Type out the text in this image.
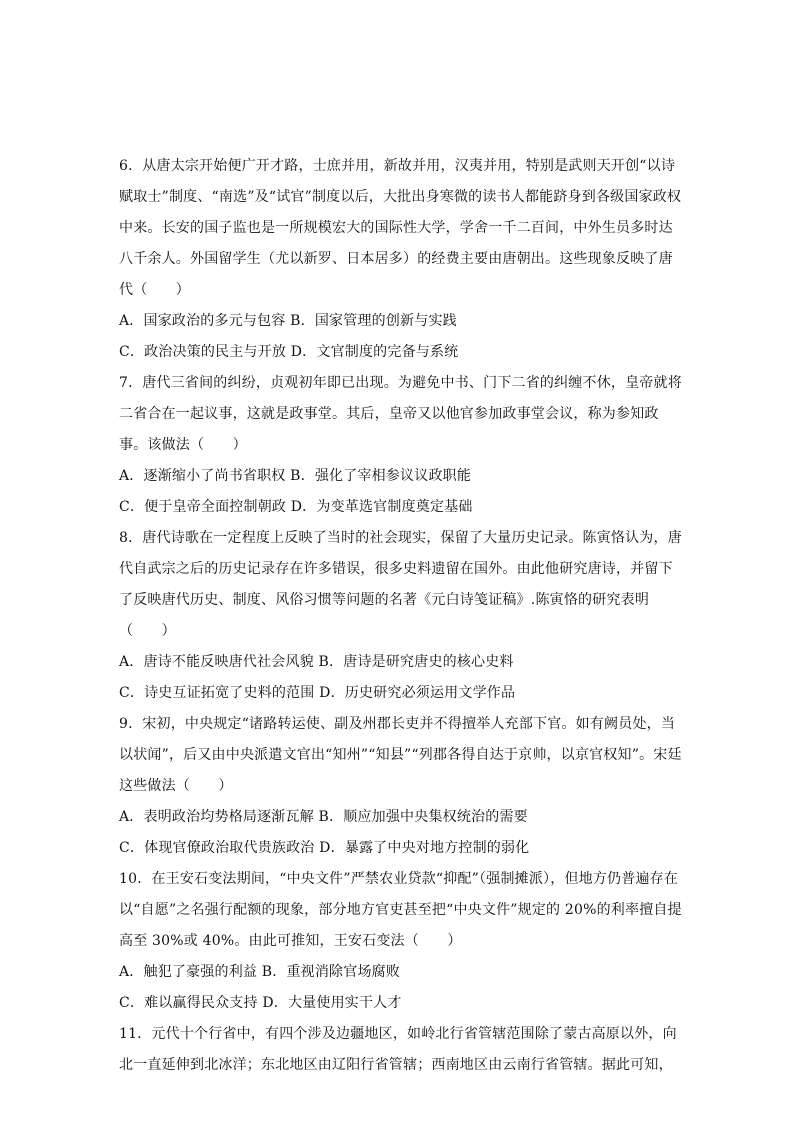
6．从唐太宗开始便广开才路，士庶并用，新故并用，汉夷并用，特别是武则天开创“以诗
赋取士”制度、“南选”及“试官”制度以后，大批出身寒微的读书人都能跻身到各级国家政权
中来。长安的国子监也是一所规模宏大的国际性大学，学舍一千二百间，中外生员多时达
八千余人。外国留学生（尤以新罗、日本居多）的经费主要由唐朝出。这些现象反映了唐
代（　　）
A．国家政治的多元与包容 B．国家管理的创新与实践
C．政治决策的民主与开放 D．文官制度的完备与系统
7．唐代三省间的纠纷，贞观初年即已出现。为避免中书、门下二省的纠缠不休，皇帝就将
二省合在一起议事，这就是政事堂。其后，皇帝又以他官参加政事堂会议，称为参知政
事。该做法（　　）
A．逐渐缩小了尚书省职权 B．强化了宰相参议议政职能
C．便于皇帝全面控制朝政 D．为变革选官制度奠定基础
8．唐代诗歌在一定程度上反映了当时的社会现实，保留了大量历史记录。陈寅恪认为，唐
代自武宗之后的历史记录存在许多错误，很多史料遗留在国外。由此他研究唐诗，并留下
了反映唐代历史、制度、风俗习惯等问题的名著《元白诗笺证稿》.陈寅恪的研究表明
（　　）
A．唐诗不能反映唐代社会风貌 B．唐诗是研究唐史的核心史料
C．诗史互证拓宽了史料的范围 D．历史研究必须运用文学作品
9．宋初，中央规定“诸路转运使、副及州郡长吏并不得擅举人充部下官。如有阙员处，当
以状闻”，后又由中央派遣文官出“知州”“知县”“列郡各得自达于京帅，以京官权知”。宋廷
这些做法（　　）
A．表明政治均势格局逐渐瓦解 B．顺应加强中央集权统治的需要
C．体现官僚政治取代贵族政治 D．暴露了中央对地方控制的弱化
10．在王安石变法期间，“中央文件”严禁农业贷款“抑配”（强制摊派），但地方仍普遍存在
以“自愿”之名强行配额的现象，部分地方官吏甚至把“中央文件”规定的 20%的利率擅自提
高至 30%或 40%。由此可推知，王安石变法（　　）
A．触犯了豪强的利益 B．重视消除官场腐败
C．难以赢得民众支持 D．大量使用实干人才
11．元代十个行省中，有四个涉及边疆地区，如岭北行省管辖范围除了蒙古高原以外，向
北一直延伸到北冰洋；东北地区由辽阳行省管辖；西南地区由云南行省管辖。据此可知，
